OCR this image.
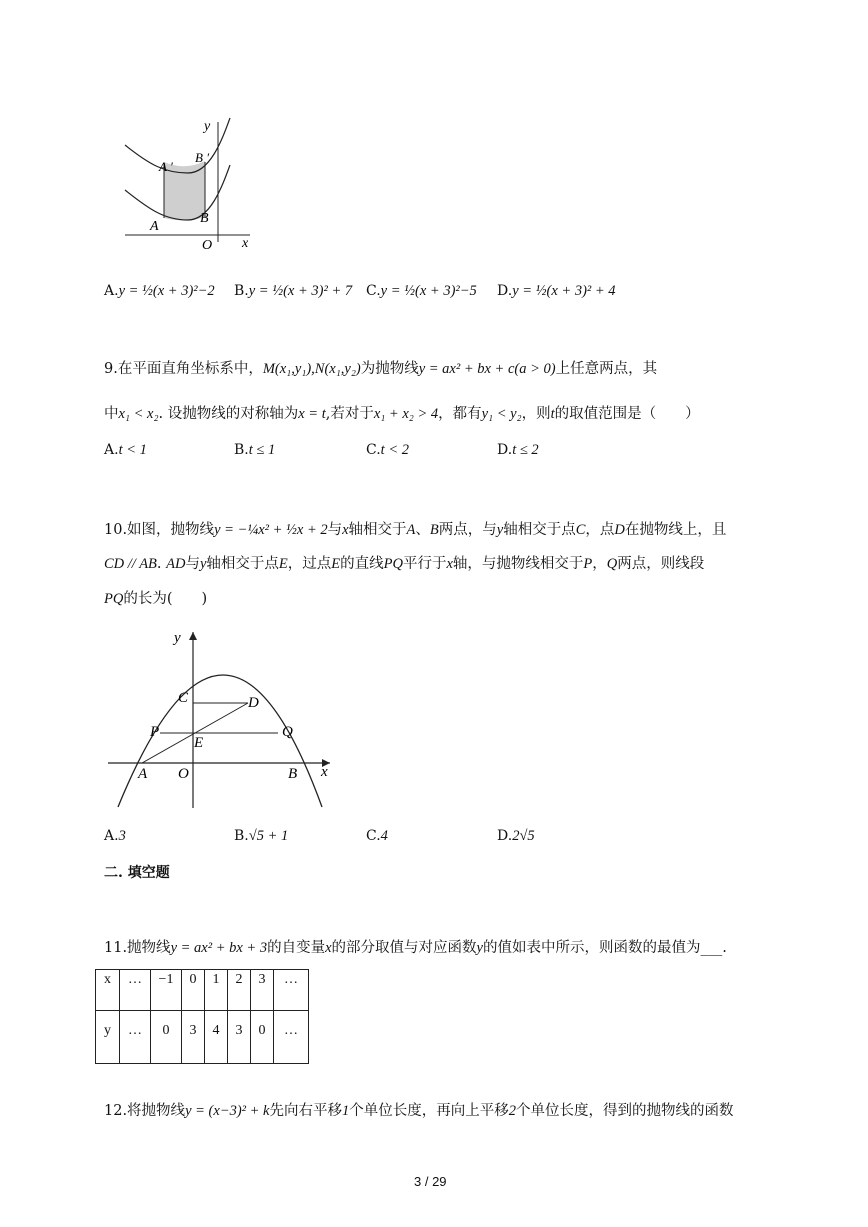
y
x
O
A ′
B ′
A
B
A.y = ½(x + 3)²−2 B.y = ½(x + 3)² + 7 C.y = ½(x + 3)²−5 D.y = ½(x + 3)² + 4
9.在平面直角坐标系中，M(x₁,y₁),N(x₁,y₂)为抛物线y = ax² + bx + c(a > 0)上任意两点，其
中x₁ < x₂. 设抛物线的对称轴为x = t,若对于x₁ + x₂ > 4，都有y₁ < y₂，则t的取值范围是（　　）
A.t < 1	B.t ≤ 1	C.t < 2	D.t ≤ 2
10.如图，抛物线y = −¼x² + ½x + 2与x轴相交于A、B两点，与y轴相交于点C，点D在抛物线上，且
CD // AB. AD与y轴相交于点E，过点E的直线PQ平行于x轴，与抛物线相交于P，Q两点，则线段
PQ的长为(　　)
y
x
O
A	B
C	D
E
P	Q
A.3	B.√5 + 1	C.4	D.2√5
二. 填空题
11.抛物线y = ax² + bx + 3的自变量x的部分取值与对应函数y的值如表中所示，则函数的最值为___.
x	…	−1	0	1	2	3	…
y	…	0	3	4	3	0	…
12.将抛物线y = (x−3)² + k先向右平移1个单位长度，再向上平移2个单位长度，得到的抛物线的函数
3 / 29
